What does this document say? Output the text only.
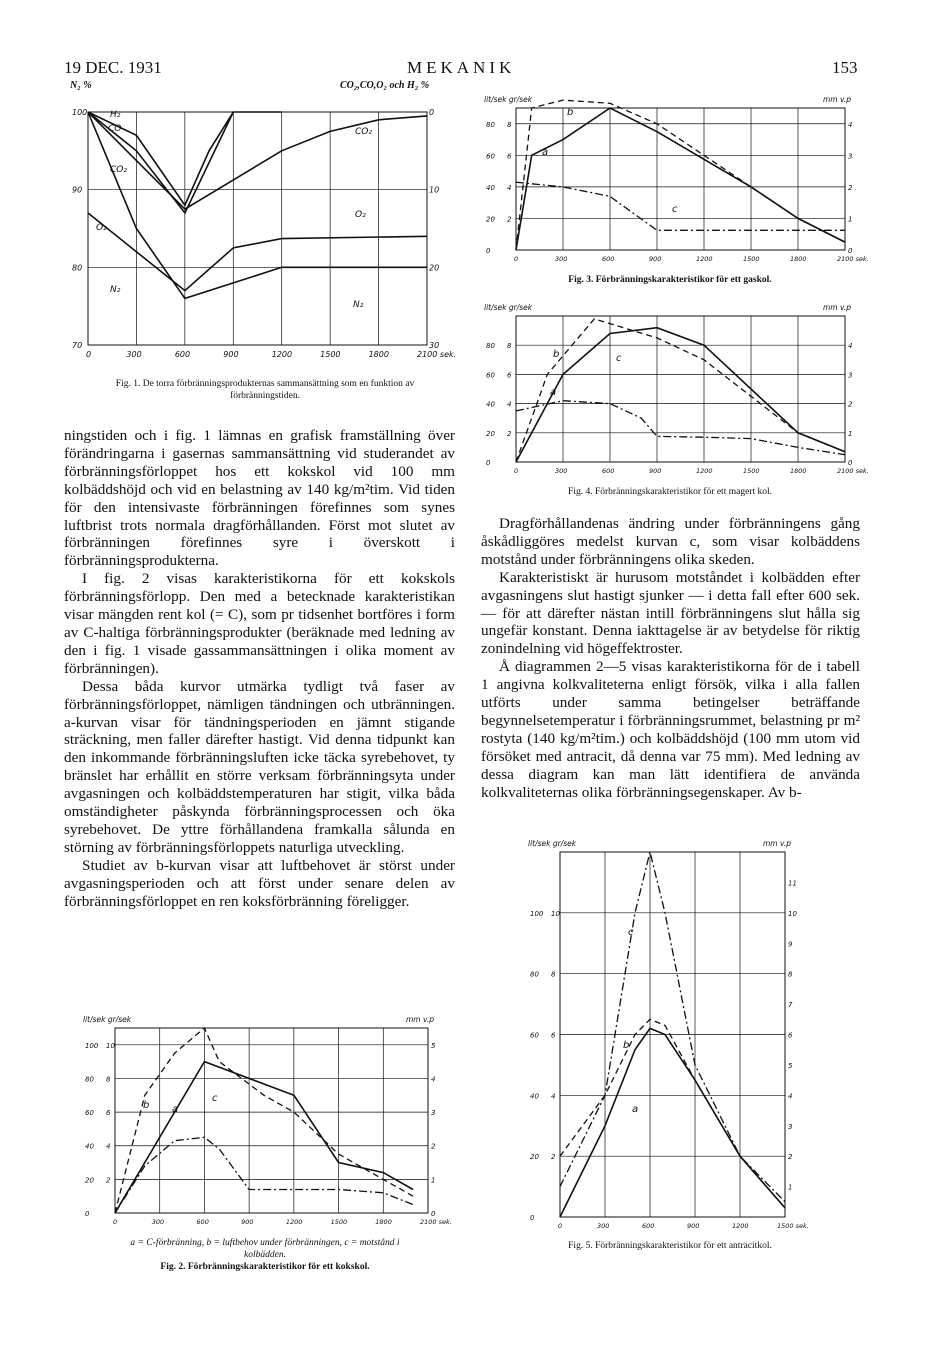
19 DEC. 1931	MEKANIK	153
100
90
80
70
0
10
20
30
0	300	600	900	1200	1500	1800	2100 sek.
H₂
CO
CO₂
O₂
N₂
CO₂
O₂
N₂
N₂ %	CO₂,CO,O₂ och H₂ %
Fig. 1. De torra förbränningsprodukternas sammansättning som en funktion av förbränningstiden.

ningstiden och i fig. 1 lämnas en grafisk framställning över förändringarna i gasernas sammansättning vid studerandet av förbränningsförloppet hos ett kokskol vid 100 mm kolbäddshöjd och vid en belastning av 140 kg/m²tim. Vid tiden för den intensivaste förbränningen förefinnes som synes luftbrist trots normala dragförhållanden. Först mot slutet av förbränningen förefinnes syre i överskott i förbränningsprodukterna.

I fig. 2 visas karakteristikorna för ett kokskols förbränningsförlopp. Den med a betecknade karakteristikan visar mängden rent kol (= C), som pr tidsenhet bortföres i form av C-haltiga förbränningsprodukter (beräknade med ledning av den i fig. 1 visade gassammansättningen i olika moment av förbränningen).

Dessa båda kurvor utmärka tydligt två faser av förbränningsförloppet, nämligen tändningen och utbränningen. a-kurvan visar för tändningsperioden en jämnt stigande sträckning, men faller därefter hastigt. Vid denna tidpunkt kan den inkommande förbränningsluften icke täcka syrebehovet, ty bränslet har erhållit en större verksam förbränningsyta under avgasningen och kolbäddstemperaturen har stigit, vilka båda omständigheter påskynda förbränningsprocessen och öka syrebehovet. De yttre förhållandena framkalla sålunda en störning av förbränningsförloppets naturliga utveckling.

Studiet av b-kurvan visar att luftbehovet är störst under avgasningsperioden och att först under senare delen av förbränningsförloppet en ren koksförbränning föreligger.

Dragförhållandenas ändring under förbränningens gång åskådliggöres medelst kurvan c, som visar kolbäddens motstånd under förbränningens olika skeden.

Karakteristiskt är hurusom motståndet i kolbädden efter avgasningens slut hastigt sjunker — i detta fall efter 600 sek. — för att därefter nästan intill förbränningens slut hålla sig ungefär konstant. Denna iakttagelse är av betydelse för riktig zonindelning vid högeffektroster.

Å diagrammen 2—5 visas karakteristikorna för de i tabell 1 angivna kolkvaliteterna enligt försök, vilka i alla fallen utförts under samma betingelser beträffande begynnelsetemperatur i förbränningsrummet, belastning pr m² rostyta (140 kg/m²tim.) och kolbäddshöjd (100 mm utom vid försöket med antracit, då denna var 75 mm). Med ledning av dessa diagram kan man lätt identifiera de använda kolkvaliteternas olika förbränningsegenskaper. Av b-

a = C-förbränning, b = luftbehov under förbränningen, c = motstånd i kolbädden.
Fig. 2. Förbränningskarakteristikor för ett kokskol.
Fig. 3. Förbränningskarakteristikor för ett gaskol.
Fig. 4. Förbränningskarakteristikor för ett magert kol.
Fig. 5. Förbränningskarakteristikor för ett antracitkol.
100
80
60
40
20
0
10
8
6
4
2
5
4
3
2
1
0
0	300	600	900	1200	1500	1800	2100 sek.
lit/sek gr/sek	mm v.p
a
b
c
80
60
40
20
0
8
6
4
2
4
3
2
1
0
0	300	600	900	1200	1500	1800	2100 sek.
lit/sek gr/sek	mm v.p
a
b
c
80
60
40
20
0
8
6
4
2
4
3
2
1
0
0	300	600	900	1200	1500	1800	2100 sek.
lit/sek gr/sek	mm v.p
a
b	c
100
80
60
40
20
0
10
8
6
4
2
11
10
9
8
7
6
5
4
3
2
1
0	300	600	900	1200	1500 sek.
lit/sek gr/sek	mm v.p
a
b
c
